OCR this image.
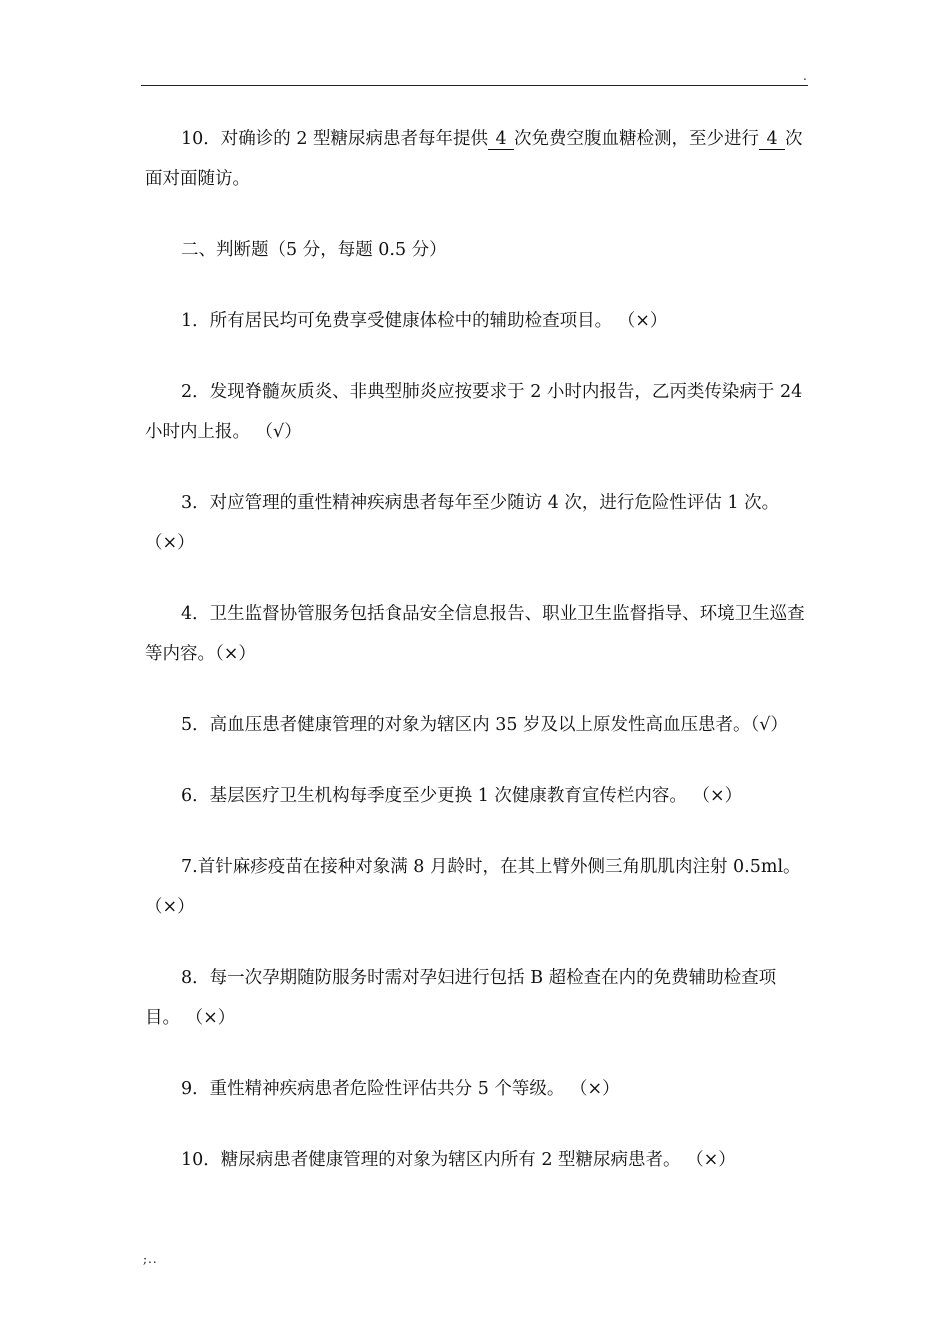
.

10．对确诊的 2 型糖尿病患者每年提供 4 次免费空腹血糖检测，至少进行 4 次面对面随访。

二、判断题（5 分，每题 0.5 分）

1．所有居民均可免费享受健康体检中的辅助检查项目。 （×）

2．发现脊髓灰质炎、非典型肺炎应按要求于 2 小时内报告，乙丙类传染病于 24 小时内上报。 （√）

3．对应管理的重性精神疾病患者每年至少随访 4 次，进行危险性评估 1 次。（×）

4．卫生监督协管服务包括食品安全信息报告、职业卫生监督指导、环境卫生巡查等内容。（×）

5．高血压患者健康管理的对象为辖区内 35 岁及以上原发性高血压患者。（√）

6．基层医疗卫生机构每季度至少更换 1 次健康教育宣传栏内容。 （×）

7.首针麻疹疫苗在接种对象满 8 月龄时，在其上臂外侧三角肌肌肉注射 0.5ml。 （×）

8．每一次孕期随防服务时需对孕妇进行包括 B 超检查在内的免费辅助检查项目。 （×）

9．重性精神疾病患者危险性评估共分 5 个等级。 （×）

10．糖尿病患者健康管理的对象为辖区内所有 2 型糖尿病患者。 （×）

;..
